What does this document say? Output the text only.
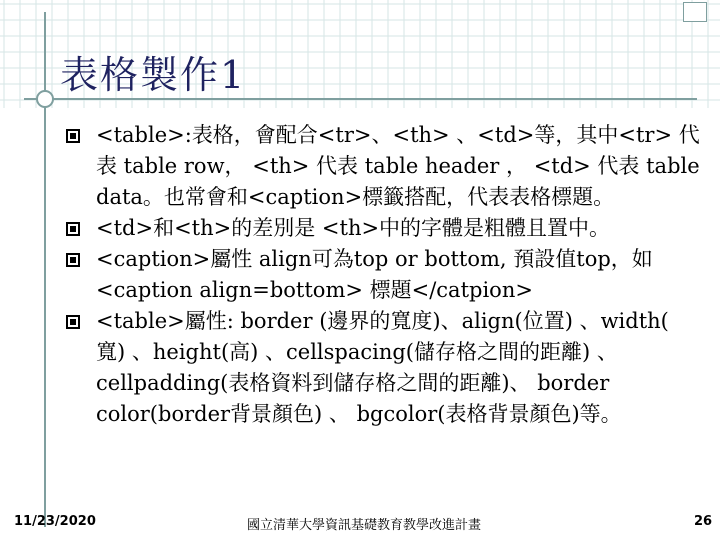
表格製作1
<table>:表格，會配合<tr>、<th> 、<td>等，其中<tr> 代
表 table row， <th> 代表 table header ， <td> 代表 table
data。也常會和<caption>標籤搭配，代表表格標題。
<td>和<th>的差別是 <th>中的字體是粗體且置中。
<caption>屬性 align可為top or bottom, 預設值top，如
<caption align=bottom> 標題</catpion>
<table>屬性: border (邊界的寬度)、align(位置) 、width(
寬) 、height(高) 、cellspacing(儲存格之間的距離) 、
cellpadding(表格資料到儲存格之間的距離)、 border
color(border背景顏色) 、 bgcolor(表格背景顏色)等。
11/23/2020	國立清華大學資訊基礎教育教學改進計畫	26
